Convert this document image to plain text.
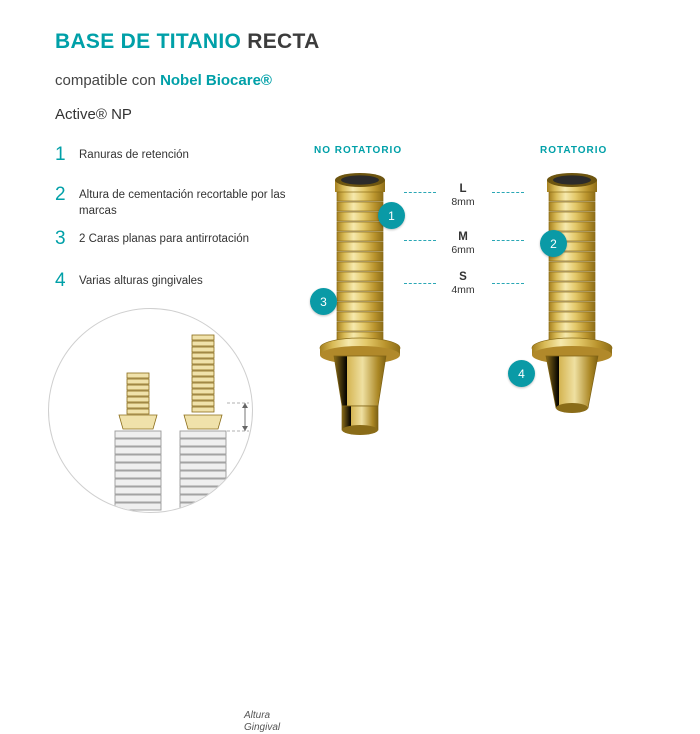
BASE DE TITANIO RECTA
compatible con Nobel Biocare®
Active® NP
1 Ranuras de retención
2 Altura de cementación recortable por las marcas
3 2 Caras planas para antirrotación
4 Varias alturas gingivales
NO ROTATORIO	ROTATORIO
L
8mm
M
6mm
S
4mm
1
2
3
4
Altura
Gingival
